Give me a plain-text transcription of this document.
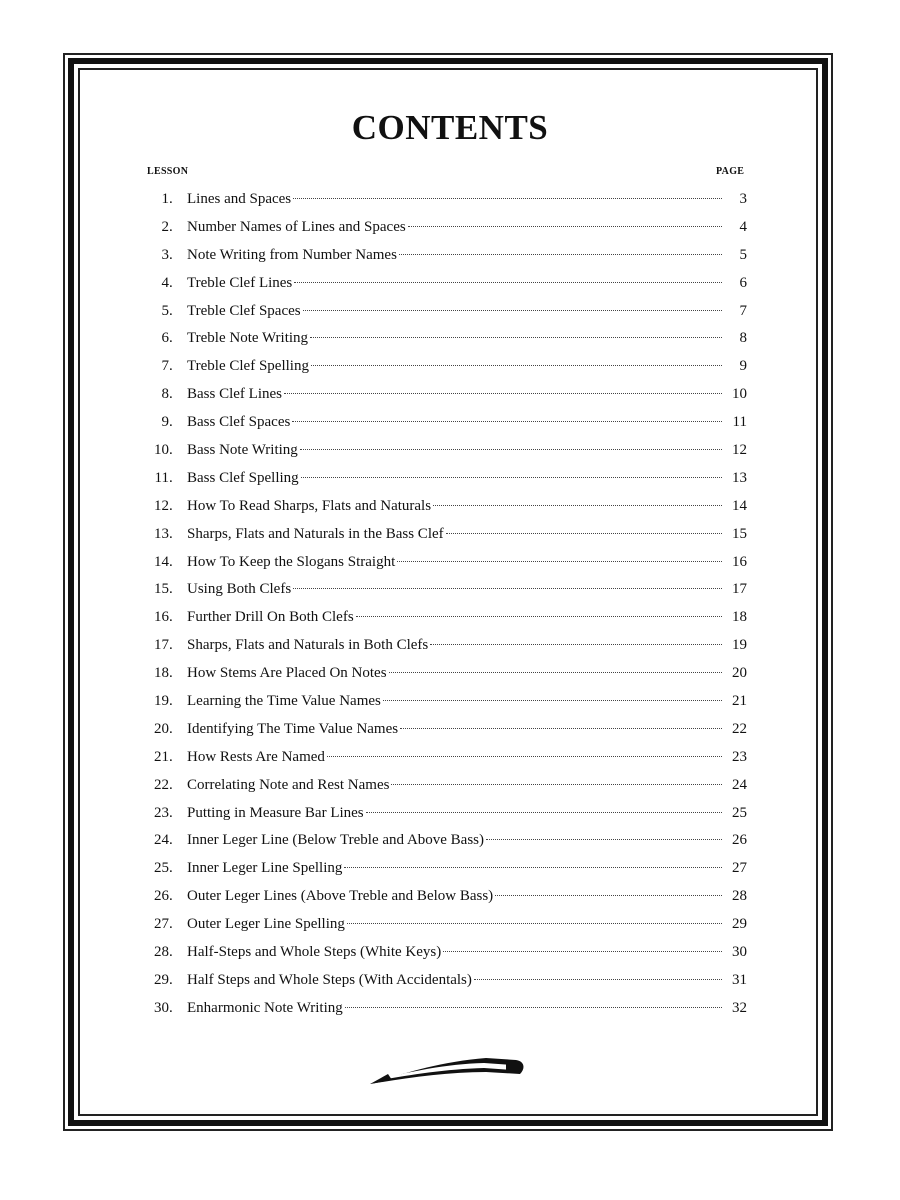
CONTENTS
LESSON	PAGE
1 . Lines and Spaces	3
2 . Number Names of Lines and Spaces	4
3 . Note Writing from Number Names	5
4 . Treble Clef Lines	6
5 . Treble Clef Spaces	7
6 . Treble Note Writing	8
7 . Treble Clef Spelling	9
8 . Bass Clef Lines	10
9 . Bass Clef Spaces	11
10 . Bass Note Writing	12
11 . Bass Clef Spelling	13
12 . How To Read Sharps, Flats and Naturals	14
13 . Sharps, Flats and Naturals in the Bass Clef	15
14 . How To Keep the Slogans Straight	16
15 . Using Both Clefs	17
16 . Further Drill On Both Clefs	18
17 . Sharps, Flats and Naturals in Both Clefs	19
18 . How Stems Are Placed On Notes	20
19 . Learning the Time Value Names	21
20 . Identifying The Time Value Names	22
21 . How Rests Are Named	23
22 . Correlating Note and Rest Names	24
23 . Putting in Measure Bar Lines	25
24 . Inner Leger Line (Below Treble and Above Bass)	26
25 . Inner Leger Line Spelling	27
26 . Outer Leger Lines (Above Treble and Below Bass)	28
27 . Outer Leger Line Spelling	29
28 . Half-Steps and Whole Steps (White Keys)	30
29 . Half Steps and Whole Steps (With Accidentals)	31
30 . Enharmonic Note Writing	32
